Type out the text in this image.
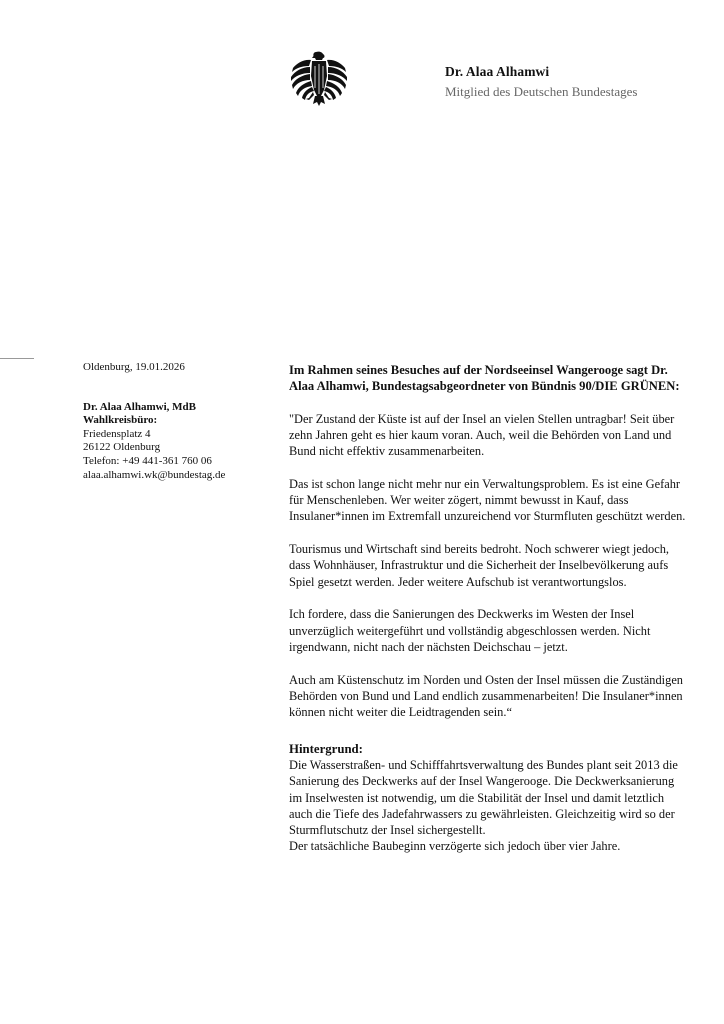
Dr. Alaa Alhamwi
Mitglied des Deutschen Bundestages
Oldenburg, 19.01.2026
Dr. Alaa Alhamwi, MdB
Wahlkreisbüro:
Friedensplatz 4
26122 Oldenburg
Telefon: +49 441-361 760 06
alaa.alhamwi.wk@bundestag.de
Im Rahmen seines Besuches auf der Nordseeinsel Wangerooge sagt Dr. Alaa Alhamwi, Bundestagsabgeordneter von Bündnis 90/DIE GRÜNEN:

"Der Zustand der Küste ist auf der Insel an vielen Stellen untragbar! Seit über zehn Jahren geht es hier kaum voran. Auch, weil die Behörden von Land und Bund nicht effektiv zusammenarbeiten.

Das ist schon lange nicht mehr nur ein Verwaltungsproblem. Es ist eine Gefahr für Menschenleben. Wer weiter zögert, nimmt bewusst in Kauf, dass Insulaner*innen im Extremfall unzureichend vor Sturmfluten geschützt werden.

Tourismus und Wirtschaft sind bereits bedroht. Noch schwerer wiegt jedoch, dass Wohnhäuser, Infrastruktur und die Sicherheit der Inselbevölkerung aufs Spiel gesetzt werden. Jeder weitere Aufschub ist verantwortungslos.

Ich fordere, dass die Sanierungen des Deckwerks im Westen der Insel unverzüglich weitergeführt und vollständig abgeschlossen werden. Nicht irgendwann, nicht nach der nächsten Deichschau – jetzt.

Auch am Küstenschutz im Norden und Osten der Insel müssen die Zuständigen Behörden von Bund und Land endlich zusammenarbeiten! Die Insulaner*innen können nicht weiter die Leidtragenden sein.“

Hintergrund:
Die Wasserstraßen- und Schifffahrtsverwaltung des Bundes plant seit 2013 die Sanierung des Deckwerks auf der Insel Wangerooge. Die Deckwerksanierung im Inselwesten ist notwendig, um die Stabilität der Insel und damit letztlich auch die Tiefe des Jadefahrwassers zu gewährleisten. Gleichzeitig wird so der Sturmflutschutz der Insel sichergestellt.
Der tatsächliche Baubeginn verzögerte sich jedoch über vier Jahre.
